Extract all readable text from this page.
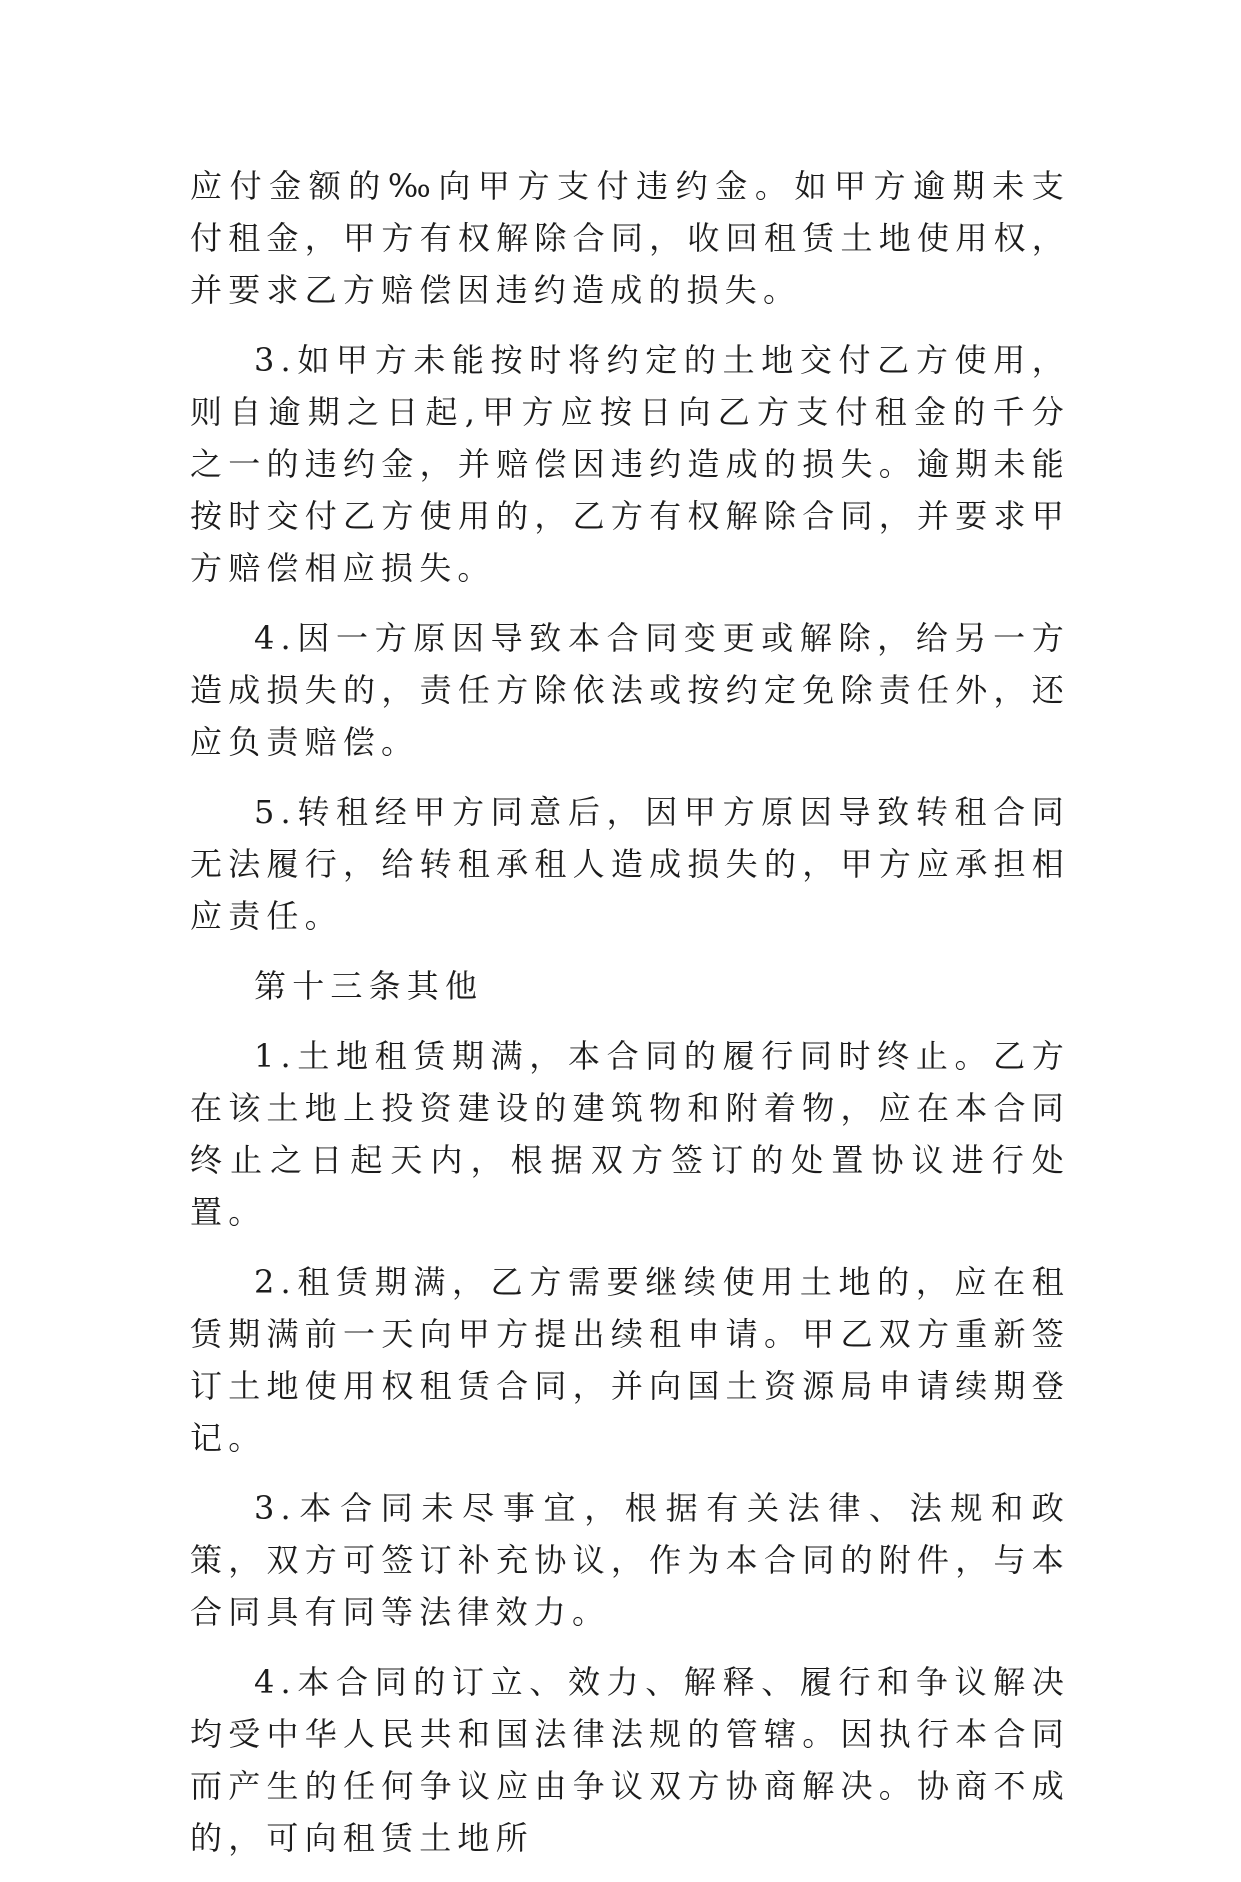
应付金额的‰向甲方支付违约金。如甲方逾期未支付租金，甲方有权解除合同，收回租赁土地使用权，并要求乙方赔偿因违约造成的损失。

3.如甲方未能按时将约定的土地交付乙方使用，则自逾期之日起,甲方应按日向乙方支付租金的千分之一的违约金，并赔偿因违约造成的损失。逾期未能按时交付乙方使用的，乙方有权解除合同，并要求甲方赔偿相应损失。

4.因一方原因导致本合同变更或解除，给另一方造成损失的，责任方除依法或按约定免除责任外，还应负责赔偿。

5.转租经甲方同意后，因甲方原因导致转租合同无法履行，给转租承租人造成损失的，甲方应承担相应责任。

第十三条其他

1.土地租赁期满，本合同的履行同时终止。乙方在该土地上投资建设的建筑物和附着物，应在本合同终止之日起天内，根据双方签订的处置协议进行处置。

2.租赁期满，乙方需要继续使用土地的，应在租赁期满前一天向甲方提出续租申请。甲乙双方重新签订土地使用权租赁合同，并向国土资源局申请续期登记。

3.本合同未尽事宜，根据有关法律、法规和政策，双方可签订补充协议，作为本合同的附件，与本合同具有同等法律效力。

4.本合同的订立、效力、解释、履行和争议解决均受中华人民共和国法律法规的管辖。因执行本合同而产生的任何争议应由争议双方协商解决。协商不成的，可向租赁土地所
